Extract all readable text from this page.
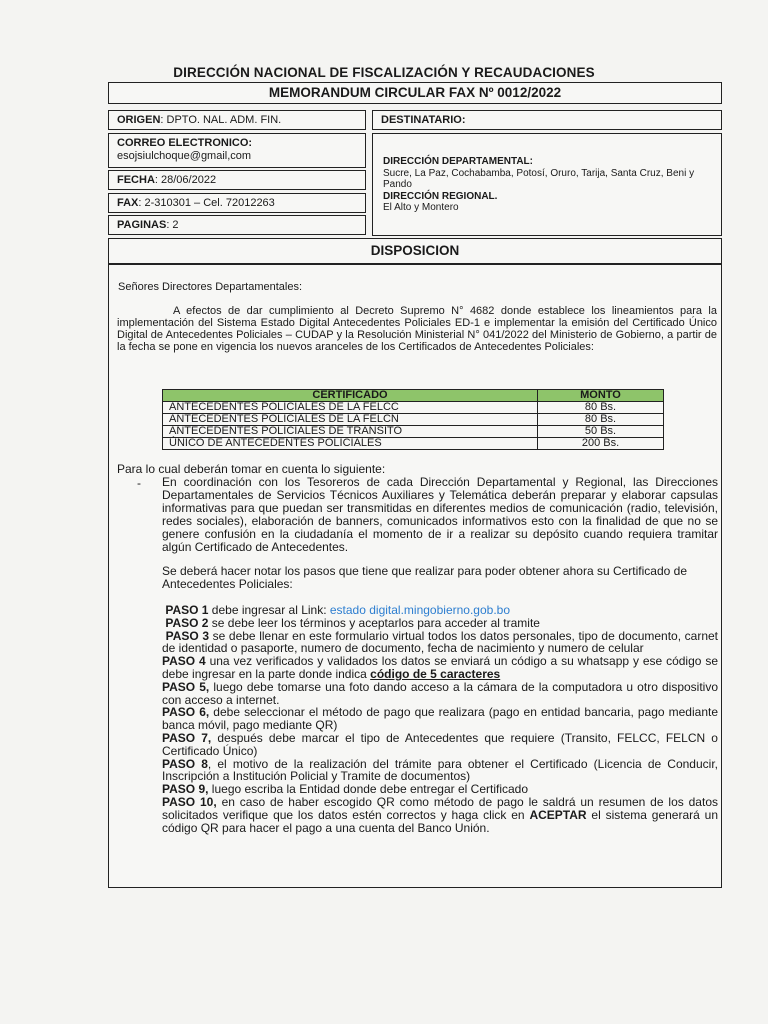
DIRECCIÓN NACIONAL DE FISCALIZACIÓN Y RECAUDACIONES
MEMORANDUM CIRCULAR FAX Nº 0012/2022
ORIGEN: DPTO. NAL. ADM. FIN.
CORREO ELECTRONICO:
esojsiulchoque@gmail,com
FECHA: 28/06/2022
FAX: 2-310301 – Cel. 72012263
PAGINAS: 2
DESTINATARIO:
DIRECCIÓN DEPARTAMENTAL:
Sucre, La Paz, Cochabamba, Potosí, Oruro, Tarija, Santa Cruz, Beni y Pando
DIRECCIÓN REGIONAL.
El Alto y Montero
DISPOSICION
Señores Directores Departamentales:
A efectos de dar cumplimiento al Decreto Supremo N° 4682 donde establece los lineamientos para la implementación del Sistema Estado Digital Antecedentes Policiales ED-1 e implementar la emisión del Certificado Único Digital de Antecedentes Policiales – CUDAP y la Resolución Ministerial N° 041/2022 del Ministerio de Gobierno, a partir de la fecha se pone en vigencia los nuevos aranceles de los Certificados de Antecedentes Policiales:
CERTIFICADO	MONTO
ANTECEDENTES POLICIALES DE LA FELCC	80 Bs.
ANTECEDENTES POLICIALES DE LA FELCN	80 Bs.
ANTECEDENTES POLICIALES DE TRANSITO	50 Bs.
ÚNICO DE ANTECEDENTES POLICIALES	200 Bs.
Para lo cual deberán tomar en cuenta lo siguiente:
- En coordinación con los Tesoreros de cada Dirección Departamental y Regional, las Direcciones Departamentales de Servicios Técnicos Auxiliares y Telemática deberán preparar y elaborar capsulas informativas para que puedan ser transmitidas en diferentes medios de comunicación (radio, televisión, redes sociales), elaboración de banners, comunicados informativos esto con la finalidad de que no se genere confusión en la ciudadanía el momento de ir a realizar su depósito cuando requiera tramitar algún Certificado de Antecedentes.
Se deberá hacer notar los pasos que tiene que realizar para poder obtener ahora su Certificado de Antecedentes Policiales:
PASO 1 debe ingresar al Link: estado digital.mingobierno.gob.bo
PASO 2 se debe leer los términos y aceptarlos para acceder al tramite
PASO 3 se debe llenar en este formulario virtual todos los datos personales, tipo de documento, carnet de identidad o pasaporte, numero de documento, fecha de nacimiento y numero de celular
PASO 4 una vez verificados y validados los datos se enviará un código a su whatsapp y ese código se debe ingresar en la parte donde indica código de 5 caracteres
PASO 5, luego debe tomarse una foto dando acceso a la cámara de la computadora u otro dispositivo con acceso a internet.
PASO 6, debe seleccionar el método de pago que realizara (pago en entidad bancaria, pago mediante banca móvil, pago mediante QR)
PASO 7, después debe marcar el tipo de Antecedentes que requiere (Transito, FELCC, FELCN o Certificado Único)
PASO 8, el motivo de la realización del trámite para obtener el Certificado (Licencia de Conducir, Inscripción a Institución Policial y Tramite de documentos)
PASO 9, luego escriba la Entidad donde debe entregar el Certificado
PASO 10, en caso de haber escogido QR como método de pago le saldrá un resumen de los datos solicitados verifique que los datos estén correctos y haga click en ACEPTAR el sistema generará un código QR para hacer el pago a una cuenta del Banco Unión.
